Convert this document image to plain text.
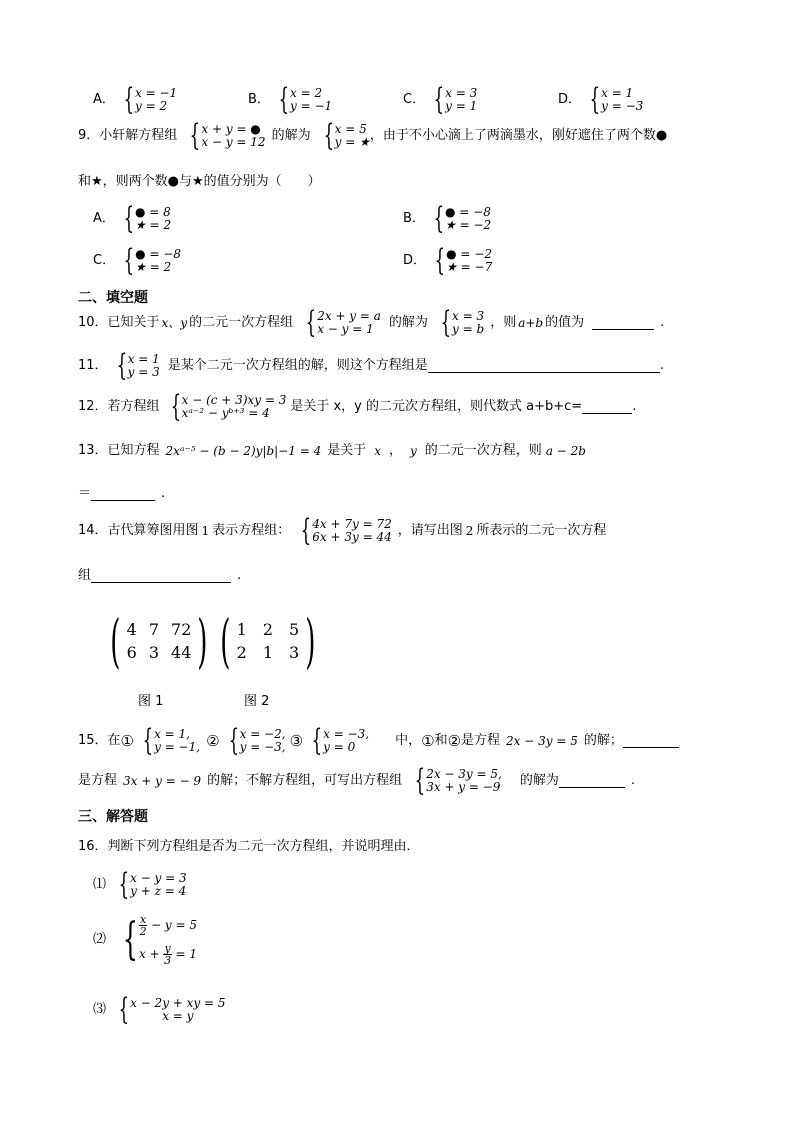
A． { x = −1
y = 2	B． { x = 2
y = −1	C． { x = 3
y = 1	D． { x = 1
y = −3
9．小轩解方程组 { x + y = ●
x − y = 12 的解为 { x = 5
y = ★ ，由于不小心滴上了两滴墨水，刚好遮住了两个数●
和★，则两个数●与★的值分别为（　　）
A． { ● = 8
★ = 2	B． { ● = −8
★ = −2
C． { ● = −8
★ = 2	D． { ● = −2
★ = −7
二、填空题
10．已知关于 x、y 的二元一次方程组 { 2x + y = a
x − y = 1	的解为 { x = 3
y = b ，则 a+b 的值为	.
11． { x = 1
y = 3 是某个二元一次方程组的解，则这个方程组是	.
12．若方程组 { x − (c + 3)xy = 3
xᵃ⁻² − yᵇ⁺³ = 4	是关于 x，y 的二元次方程组，则代数式 a+b+c=	.
13．已知方程 2xᵃ⁻⁵ − (b − 2)y|b|−1 = 4 是关于 x ， y 的二元一次方程，则 a − 2b
＝	.
14．古代算筹图用图 1 表示方程组： { 4x + 7y = 72
6x + 3y = 44 ，请写出图 2 所表示的二元一次方程
组	.
( 4 7 72
6 3 44 )
图 1
( 1 2 5
2 1 3 )
图 2
15．在 ① { x = 1,
y = −1, ② { x = −2,
y = −3, ③ { x = −3,
y = 0	中， ① 和 ② 是方程 2x − 3y = 5 的解；
是方程 3x + y = − 9 的解；不解方程组，可写出方程组 { 2x − 3y = 5,
3x + y = −9 的解为	.
三、解答题
16．判断下列方程组是否为二元一次方程组，并说明理由．
⑴ { x − y = 3
y + z = 4
⑵ { $\frac{x}{2} - y = 5$
$x + \frac{y}{3} = 1$
⑶ { x − 2y + xy = 5
x = y
